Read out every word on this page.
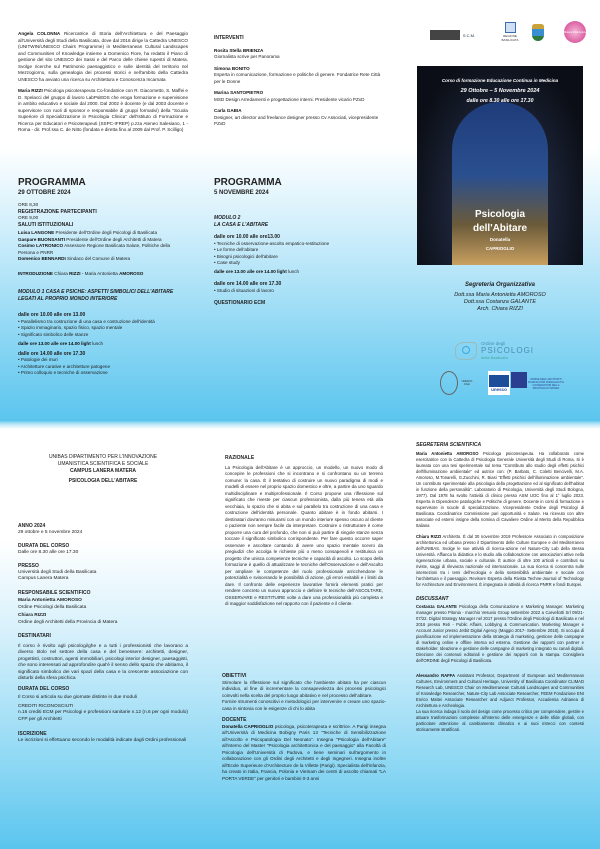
Angela COLONNA Ricercatrice di Storia dell'Architettura e del Paesaggio all'Università degli Studi della Basilicata, dove dal 2016 dirige la Cattedra UNESCO (UNITWIN/UNESCO Chairs Programme) in Mediterranean Cultural Landscapes and Communities of Knowledge insieme a Domenico Fiore, ha redatto il Piano di gestione del sito UNESCO dei Sassi e del Parco delle chiese rupestri di Matera. Svolge ricerche sul Patrimonio paesaggistico e sulle identità del territorio nel Mezzogiorno, sulla genealogia dei processi storici e nell'ambito della Cattedra UNESCO ha avviato una ricerca su Architettura e Conoscenza Incarnata

Maria RIZZI Psicologa psicoterapeuta Co-fondatrice con R. Giacometto, S. Maffei e D. Spelacci del gruppo di lavoro LabPsiEDS che eroga formazione e supervisione in ambito educativo e sociale dal 2000. Dal 2002 è docente (e dal 2003 docente e supervisore con ruoli di sponsor e responsabile di gruppi formativi) della "Scuola Superiore di Specializzazione in Psicologia Clinica" dell'Istituto di Formazione e Ricerca per Educatori e Psicoterapeuti (SSPC-IFREP) p.zza Ateneo Salesiano, 1 - Roma - dir. Prof.ssa C. de Nitto (fondata e diretta fino al 2009 dal Prof. P. Scilligo)

PROGRAMMA
29 OTTOBRE 2024
ORE 8,30
REGISTRAZIONE PARTECIPANTI
ORE 9,00
SALUTI ISTITUZIONALI
Luisa LANGONE Presidente dell'Ordine degli Psicologi di Basilicata
Gaspare BUONSANTI Presidente dell'Ordine degli Architetti di Matera
Cosimo LATRONICO Assessore Regione Basilicata Salute, Politiche della Persona e PNRR
Domenico BENNARDI Sindaco del Comune di Matera
INTRODUZIONE Chiara RIZZI - Maria Antonietta AMOROSO
MODULO 1 CASA E PSICHE: ASPETTI SIMBOLICI DELL'ABITARE LEGATI AL PROPRIO MONDO INTERIORE
dalle ore 10.00 alle ore 13.00
• Parallelismo tra costruzione di una casa e costruzione dell'identità
• Spazio immaginario, spazio fisico, spazio mentale
• Significato simbolico delle stanze
dalle ore 13.00 alle ore 14.00 light lunch
dalle ore 14.00 alle ore 17.30
• Patologie dei muri
• Architetture curative e architetture patogene
• Primo colloquio e tecniche di osservazione
INTERVENTI

Rosita Stella BRIENZA
Giornalista scrive per Panorama

Simona BONITO
Esperta in comunicazione, formazione e politiche di genere. Fondatrice Rete Città per le Donne

Marina SANTOPIETRO
MSD Design Arredamenti e progettazione interni. Presidente vicario PZxD

Carla GABIA
Designer, art director and freelance designer presso Cv Associati, vicepresidente PZxD

PROGRAMMA
5 NOVEMBRE 2024
MODULO 2
LA CASA E L'ABITARE
dalle ore 10.00 alle ore13.00
• Tecniche di osservazione-ascolto empatico-restituzione
• Le forme dell'abitare
• Bisogni psicologici dell'abitare
• Case study
dalle ore 13.00 alle ore 14.00 light lunch
dalle ore 14.00 alle ore 17.30
• Studio di situazioni di lavoro
QUESTIONARIO ECM
S.C.M.	REGIONE BASILICATA
Matera Città Amica
Corso di formazione Educazione Continua in Medicina
29 Ottobre – 5 Novembre 2024
dalle ore 8.30 alle ore 17.30
Psicologia
dell'Abitare
Donatella
CAPRIOGLIO
Segreteria Organizzativa
Dott.ssa Maria Antonietta AMOROSO
Dott.ssa Costanza GALANTE
Arch. Chiara RIZZI
Ordine degli
PSICOLOGI
della Basilicata
UNESCO Chair
unesco
ORDINE DEGLI ARCHITETTI PIANIFICATORI PAESAGGISTI E CONSERVATORI DELLA PROVINCIA DI MATERA
UNIBAS DIPARTIMENTO PER L'INNOVAZIONE
UMANISTICA SCIENTIFICA E SOCIALE
CAMPUS LANERA MATERA
PSICOLOGIA DELL'ABITARE
ANNO 2024
29 ottobre e 5 novembre 2024
DURATA DEL CORSO
Dalle ore 8.30 alle ore 17.30
PRESSO
Università degli Studi della Basilicata
Campus Lanera Matera
RESPONSABILE SCIENTIFICO
Maria Antonietta AMOROSO
Ordine Psicologi della Basilicata
Chiara RIZZI
Ordine degli Architetti della Provincia di Matera
DESTINATARI
Il corso è rivolto agli psicologi/ghe e a tutti i professionisti che lavorano a diverso titolo nel settore della casa e del benessere: architetti, designer, progettisti, costruttori, agenti immobiliari, psicologi interior designer, paesaggisti, che sono interessati ad approfondire qual'è il senso dello spazio che abitiamo, il significato simbolico dei vari spazi della casa e la crescente associazione con disturbi della sfera psichica
DURATA DEL CORSO
Il Corso si articola su due giornate distinte in due moduli
CREDITI RICONOSCIUTI
n.16 crediti ECM per Psicologi e professioni sanitarie n.12 (n.6 per ogni modulo) CFP per gli Architetti
ISCRIZIONE
Le iscrizioni si effettuano secondo le modalità indicate dagli Ordini professionali
RAZIONALE
La Psicologia dell'Abitare è un approccio, un modello, un nuovo modo di concepire le professioni che si incontrano e si confrontano su un terreno comune: la casa. È il tentativo di costruire un nuovo paradigma di modi e modelli di essere nel proprio spazio domestico e oltre, a partire da uno sguardo multidisciplinare e multiprofessionale. Il Corso propone una riflessione sul significato che riveste per ciascun professionista, dalla più tenera età alla vecchiaia, lo spazio che si abita e sul parallelo tra costruzione di una casa e costruzione dell'identità personale. Quanto abitare è in fondo abitarsi. I destinatari dovranno misurarsi con un mondo interiore spesso oscuro al cliente o paziente non sempre facile da interpretare. Costruire o ristrutturare è come proporre una cura del profondo, che non si può partire di singole stanze senza toccare il significato simbolico corrispondente. Per fare questo occorre saper osservare e ascoltare contando di avere uno spazio mentale scevro da pregiudizi che accolga le richieste più o meno consapevoli e restituisca un progetto che unisca competenze tecniche e capacità di ascolto. Lo scopo della formazione è quello di attualizzare le tecniche dell'Osservazione e dell'Ascolto per ampliare le competenze del ruolo professionale arricchendone le potenzialità e sviscerando le possibilità di azione, gli errori evitabili e i limiti da dare. Il confronto delle esperienze lavorative fornirà elementi pratici per rendere concreto un nuovo approccio e definire le tecniche dell'ASCOLTARE, OSSERVARE e RESTITUIRE volte a dare una professionalità più completa e di maggior soddisfazione nel rapporto con il paziente e il cliente.
OBIETTIVI
Stimolare la riflessione sul significato che l'ambiente abitato ha per ciascun individuo, al fine di incrementare la consapevolezza dei processi psicologici coinvolti nella scelta del proprio luogo abitativo e nel processo dell'abitare.
Fornire strumenti conoscitivi e metodologici per intervenire e creare uno spazio-casa in sintonia con le esigenze di chi lo abita
DOCENTE
Donatella CAPRIOGLIO psicologa, psicoterapeuta e scrittrice. A Parigi insegna all'Università di Medicina Bobigny Paris 13 "Tecniche di Sensibilizzazione all'Ascolto e Psicopatologia Del Neonato". Insegna "Psicologia dell'Abitare" all'interno del Master "Psicologia architettonica e del paesaggio" alla Facoltà di Psicologia dell'Università di Padova, e tiene seminari sull'argomento in collaborazione con gli Ordini degli Architetti e degli Ingegneri. Insegna inoltre all'Ecole Superieure d'Architecture de la Villette (Parigi). Specialista dell'infanzia, ha creato in Italia, Francia, Polonia e Vietnam dei centri di ascolto chiamati "LA PORTA VERDE" per genitori e bambini 0-3 anni
SEGRETERIA SCIENTIFICA

Maria Antonietta AMOROSO Psicologa psicoterapeuta. Ha collaborato come esercitatrice con la Cattedra di Psicologia Generale Università degli Studi di Roma. Si è laureata con una tesi sperimentale sul tema "Contributo allo studio degli effetti psichici dell'illuminazione ambientale" ed autrice con: (P. Barbato, C. Coletti Bencivelli, M.A. Amoroso, M.Tonarelli, G.Zucchini, R. Biasi "Effetti psichici dell'illuminazione ambientale". Un contributo sperimentale alla psicologia della progettazione ed al significato dell'habitat in funzione della personalità". Laboratorio di Psicologia, Università degli Studi Bologna, 1977). Dal 1978 ha svolto l'attività di clinico presso ASM UOC fino al 1° luglio 2023. Esperta in Dipendenze patologiche e Politiche di genere. Docente in corsi di formazione e supervisore in scuole di specializzazione. Vicepresidente Ordine degli Psicologi di Basilicata. Coordinatrice Commissione pari opportunità e Salute. Ha ricevuto con altre associate ed esterni insigne della nomina di Cavaliere Ordine al Merito della Repubblica Italiana

Chiara RIZZI Architetto. È dal 30 novembre 2019 Professore Associato in composizione architettonica ed urbana presso il Dipartimento delle Culture Europee e del Mediterraneo dell'UNIBAS. Svolge le sue attività di ricerca-azione nel Nature-City Lab della stessa Università. Affianca la didattica e lo studio alla collaborazione con associazioni attive nella rigenerazione urbana, sociale e culturale. È autrice di oltre 100 articoli e contributi su riviste, saggi di rilevanza nazionale ed internazionale. La sua ricerca si concentra sulle intersezioni tra i temi dell'ecologia e della sostenibilità ambientale e sociale con l'architettura e il paesaggio. Revisore Esperta della Rivista Techne-Journal of Technology for Architecture and Environment. È impegnata in attività di ricerca PNRR e fondi Europei.

DISCUSSANT

Costanza GALANTE Psicologa della Comunicazione e Marketing Manager. Marketing manager presso Pitonia - marchio Vesuvio Group settembre 2022 a Carvellotti Srl 09/21-07/22. Digital Strategy Manager nel 2017 presso l'Ordine degli Psicologi di Basilicata e nel 2016 presso Reti - Public Affairs, Lobbying & Communication. Marketing Manager e Account Junior presso Jetbit Digital Agency (Maggio 2017- Settembre 2018). Si occupa di pianificazione ed implementazione della strategia di marketing, gestione delle campagne di marketing online e offline interna ed esterna. Gestione dei rapporti con partner e stakeholder. Ideazione e gestione delle campagne di marketing integrato su canali digitali. Direzione dei contenuti editoriali e gestione dei rapporti con la stampa. Consigliera dell'ORDINE degli Psicologi di Basilicata.

Alessandro RAFFA Assistant Professor, Department of European and Mediterranean Cultures, Environment and Cultural Heritage, University of Basilicata Coordinator CLIMAD Research Lab, UNESCO Chair on Mediterranean Cultural Landscapes and Communities of Knowledge Researcher, Nature-City Lab Associate Researcher, FEEM Fondazione ENI Enrico Mattei Associate Researcher and Adjunct Professor, Accademia Adrianea di Architettura e Archeologia.
La sua ricerca indaga il ruolo del design come processo critico per comprendere, gestire e attuare trasformazioni complesse all'interno delle emergenze e delle sfide globali, con particolare attenzione al cambiamento climatico e ai suoi intrecci con contesti storicamente stratificati.
